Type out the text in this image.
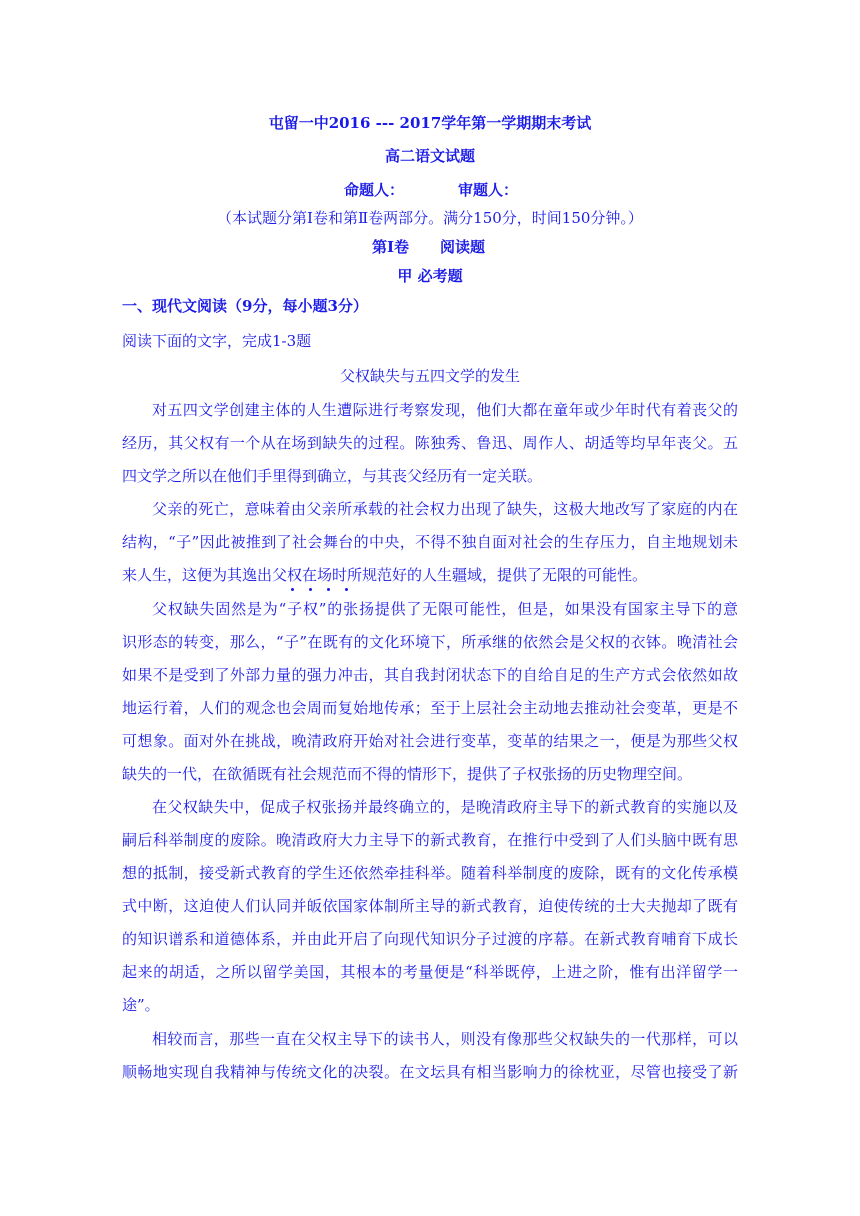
屯留一中2016 --- 2017学年第一学期期末考试
高二语文试题
命题人：	审题人：
（本试题分第Ⅰ卷和第Ⅱ卷两部分。满分150分，时间150分钟。）
第Ⅰ卷 阅读题
甲 必考题
一、现代文阅读（9分，每小题3分）
阅读下面的文字，完成1-3题
父权缺失与五四文学的发生
对五四文学创建主体的人生遭际进行考察发现，他们大都在童年或少年时代有着丧父的
经历，其父权有一个从在场到缺失的过程。陈独秀、鲁迅、周作人、胡适等均早年丧父。五
四文学之所以在他们手里得到确立，与其丧父经历有一定关联。
父亲的死亡，意味着由父亲所承载的社会权力出现了缺失，这极大地改写了家庭的内在
结构，“子”因此被推到了社会舞台的中央，不得不独自面对社会的生存压力，自主地规划未
来人生，这便为其逸出父权在场时所规范好的人生疆域，提供了无限的可能性。
父权缺失固然是为“子权”的张扬提供了无限可能性，但是，如果没有国家主导下的意
识形态的转变，那么，“子”在既有的文化环境下，所承继的依然会是父权的衣钵。晚清社会
如果不是受到了外部力量的强力冲击，其自我封闭状态下的自给自足的生产方式会依然如故
地运行着，人们的观念也会周而复始地传承；至于上层社会主动地去推动社会变革，更是不
可想象。面对外在挑战，晚清政府开始对社会进行变革，变革的结果之一，便是为那些父权
缺失的一代，在欲循既有社会规范而不得的情形下，提供了子权张扬的历史物理空间。
在父权缺失中，促成子权张扬并最终确立的，是晚清政府主导下的新式教育的实施以及
嗣后科举制度的废除。晚清政府大力主导下的新式教育，在推行中受到了人们头脑中既有思
想的抵制，接受新式教育的学生还依然牵挂科举。随着科举制度的废除，既有的文化传承模
式中断，这迫使人们认同并皈依国家体制所主导的新式教育，迫使传统的士大夫抛却了既有
的知识谱系和道德体系，并由此开启了向现代知识分子过渡的序幕。在新式教育哺育下成长
起来的胡适，之所以留学美国，其根本的考量便是“科举既停，上进之阶，惟有出洋留学一
途”。
相较而言，那些一直在父权主导下的读书人，则没有像那些父权缺失的一代那样，可以
顺畅地实现自我精神与传统文化的决裂。在文坛具有相当影响力的徐枕亚，尽管也接受了新
